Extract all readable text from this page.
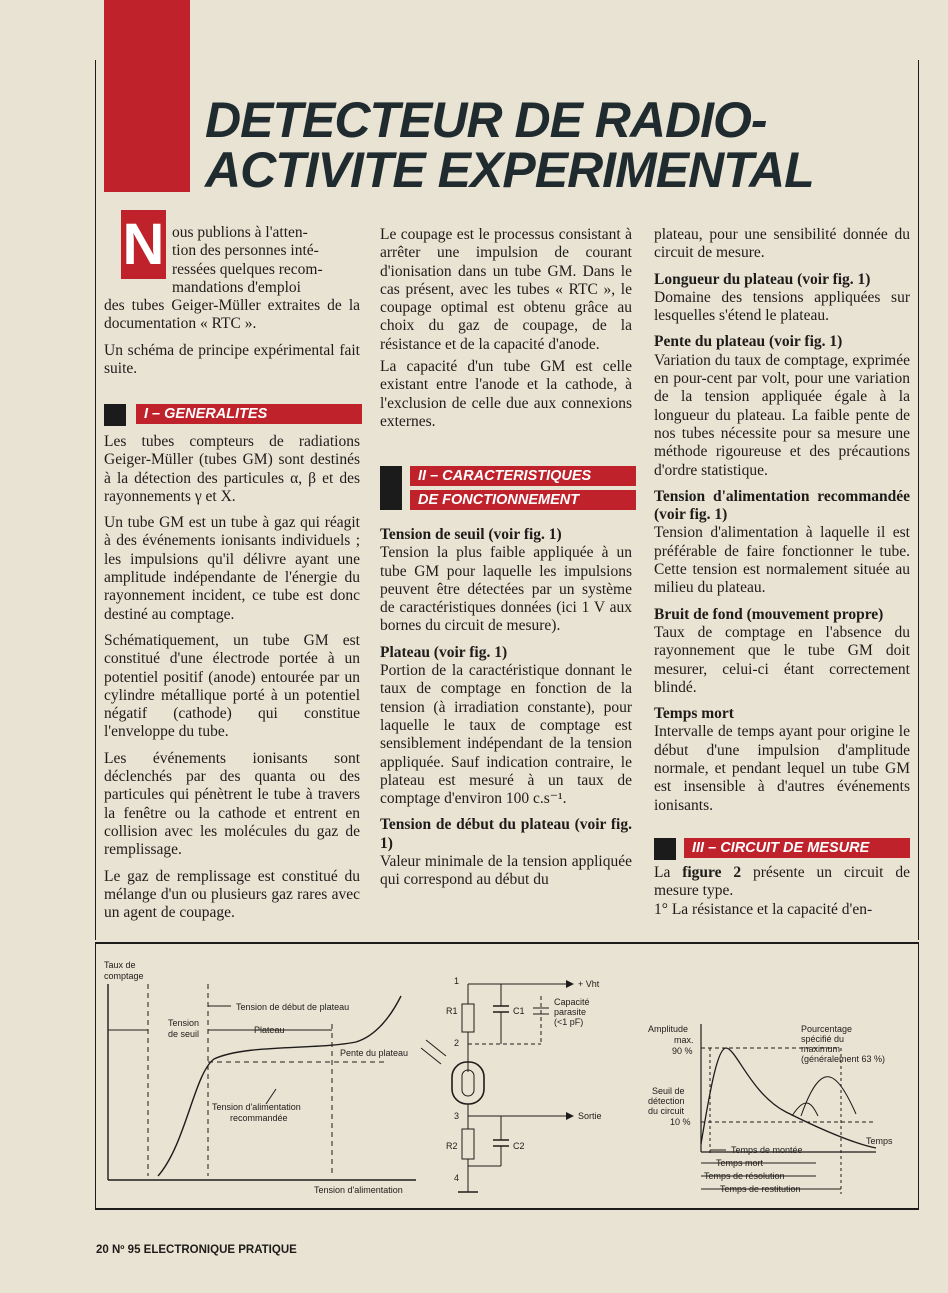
DETECTEUR DE RADIO-
ACTIVITE EXPERIMENTAL
N ous publions à l'atten-
tion des personnes inté-
ressées quelques recom-
mandations d'emploi

des tubes Geiger-Müller extraites de la documentation « RTC ».

Un schéma de principe expérimental fait suite.

I – GENERALITES

Les tubes compteurs de radiations Geiger-Müller (tubes GM) sont destinés à la détection des particules α, β et des rayonnements γ et X.

Un tube GM est un tube à gaz qui réagit à des événements ionisants individuels ; les impulsions qu'il délivre ayant une amplitude indépendante de l'énergie du rayonnement incident, ce tube est donc destiné au comptage.

Schématiquement, un tube GM est constitué d'une électrode portée à un potentiel positif (anode) entourée par un cylindre métallique porté à un potentiel négatif (cathode) qui constitue l'enveloppe du tube.

Les événements ionisants sont déclenchés par des quanta ou des particules qui pénètrent le tube à travers la fenêtre ou la cathode et entrent en collision avec les molécules du gaz de remplissage.

Le gaz de remplissage est constitué du mélange d'un ou plusieurs gaz rares avec un agent de coupage.

Le coupage est le processus consistant à arrêter une impulsion de courant d'ionisation dans un tube GM. Dans le cas présent, avec les tubes « RTC », le coupage optimal est obtenu grâce au choix du gaz de coupage, de la résistance et de la capacité d'anode.

La capacité d'un tube GM est celle existant entre l'anode et la cathode, à l'exclusion de celle due aux connexions externes.

II – CARACTERISTIQUES
DE FONCTIONNEMENT
Tension de seuil (voir fig. 1)

Tension la plus faible appliquée à un tube GM pour laquelle les impulsions peuvent être détectées par un système de caractéristiques données (ici 1 V aux bornes du circuit de mesure).

Plateau (voir fig. 1)

Portion de la caractéristique donnant le taux de comptage en fonction de la tension (à irradiation constante), pour laquelle le taux de comptage est sensiblement indépendant de la tension appliquée. Sauf indication contraire, le plateau est mesuré à un taux de comptage d'environ 100 c.s⁻¹.

Tension de début du plateau (voir fig. 1)

Valeur minimale de la tension appliquée qui correspond au début du

plateau, pour une sensibilité donnée du circuit de mesure.

Longueur du plateau (voir fig. 1)

Domaine des tensions appliquées sur lesquelles s'étend le plateau.

Pente du plateau (voir fig. 1)

Variation du taux de comptage, exprimée en pour-cent par volt, pour une variation de la tension appliquée égale à la longueur du plateau. La faible pente de nos tubes nécessite pour sa mesure une méthode rigoureuse et des précautions d'ordre statistique.

Tension d'alimentation recommandée (voir fig. 1)

Tension d'alimentation à laquelle il est préférable de faire fonctionner le tube. Cette tension est normalement située au milieu du plateau.

Bruit de fond (mouvement propre)

Taux de comptage en l'absence du rayonnement que le tube GM doit mesurer, celui-ci étant correctement blindé.

Temps mort

Intervalle de temps ayant pour origine le début d'une impulsion d'amplitude normale, et pendant lequel un tube GM est insensible à d'autres événements ionisants.

III – CIRCUIT DE MESURE

La figure 2 présente un circuit de mesure type.

1° La résistance et la capacité d'en-

Taux de
comptage
Tension de début de plateau
Tension
de seuil	Plateau
Pente du plateau
Tension d'alimentation
recommandée
Tension d'alimentation
1
2
3
4
+ Vht
R1	C1
Capacité
parasite
(<1 pF)
Sortie
R2	C2
Amplitude
max.
90 %
Pourcentage
spécifié du
maximum
(généralement 63 %)
Seuil de
détection
du circuit
10 %
Temps
Temps de montée
Temps mort
Temps de résolution
Temps de restitution
20 Nº 95 ELECTRONIQUE PRATIQUE
